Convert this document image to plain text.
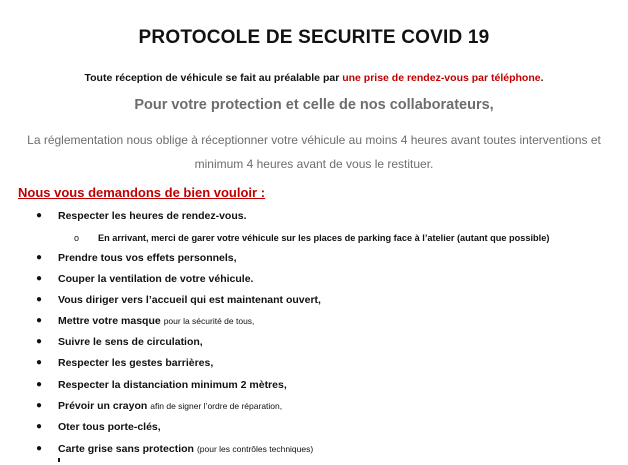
PROTOCOLE DE SECURITE COVID 19
Toute réception de véhicule se fait au préalable par une prise de rendez-vous par téléphone.
Pour votre protection et celle de nos collaborateurs,
La réglementation nous oblige à réceptionner votre véhicule au moins 4 heures avant toutes interventions et minimum 4 heures avant de vous le restituer.
Nous vous demandons de bien vouloir :
● Respecter les heures de rendez-vous.
o En arrivant, merci de garer votre véhicule sur les places de parking face à l’atelier (autant que possible)
● Prendre tous vos effets personnels,
● Couper la ventilation de votre véhicule.
● Vous diriger vers l’accueil qui est maintenant ouvert,
● Mettre votre masque pour la sécurité de tous,
● Suivre le sens de circulation,
● Respecter les gestes barrières,
● Respecter la distanciation minimum 2 mètres,
● Prévoir un crayon afin de signer l’ordre de réparation,
● Oter tous porte-clés,
● Carte grise sans protection (pour les contrôles techniques)
